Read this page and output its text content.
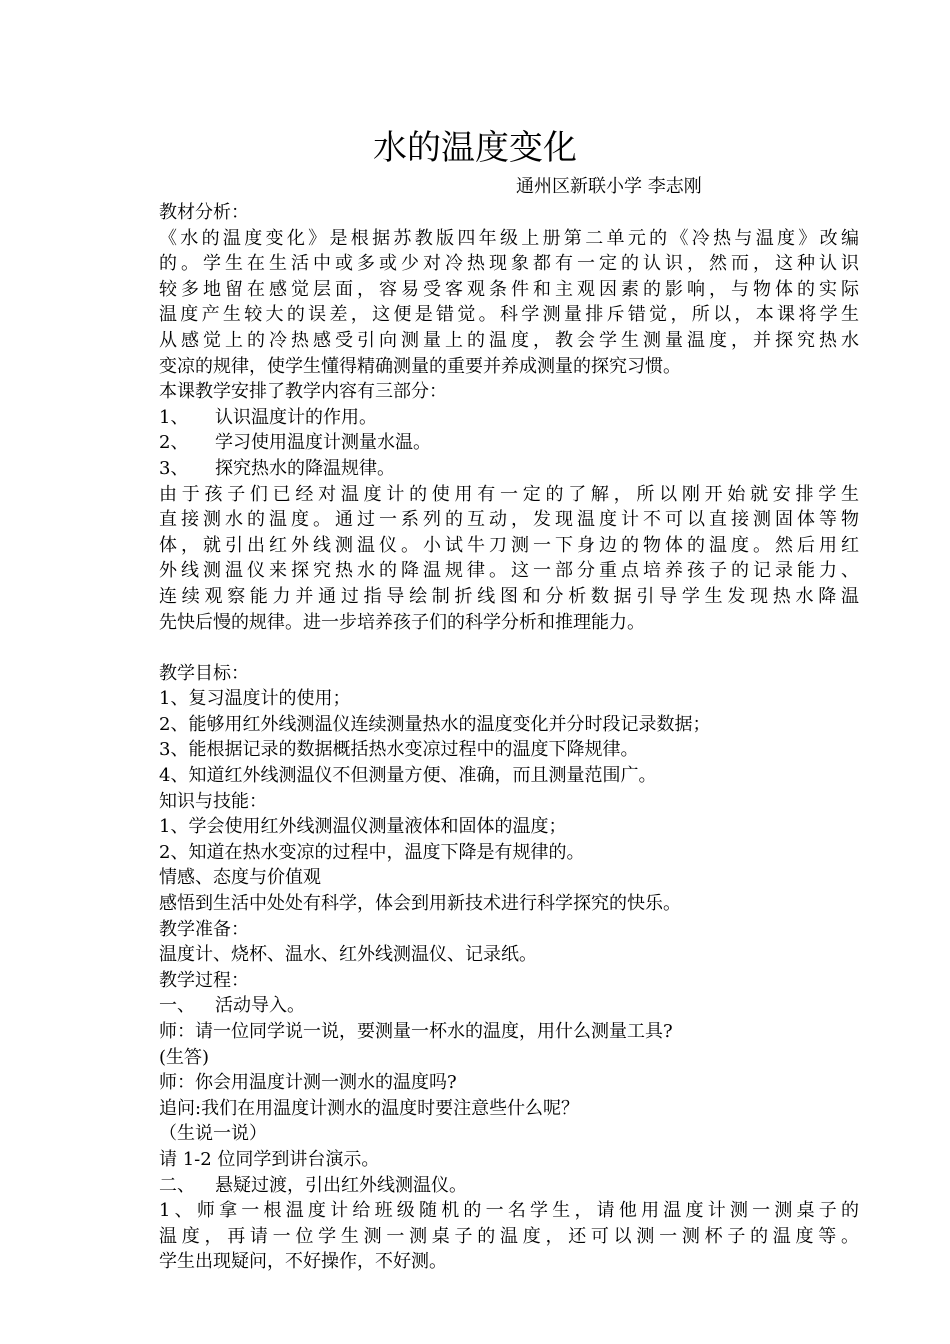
水的温度变化
通州区新联小学 李志刚
教材分析：
《水的温度变化》是根据苏教版四年级上册第二单元的《冷热与温度》改编
的。学生在生活中或多或少对冷热现象都有一定的认识，然而，这种认识
较多地留在感觉层面，容易受客观条件和主观因素的影响，与物体的实际
温度产生较大的误差，这便是错觉。科学测量排斥错觉，所以，本课将学生
从感觉上的冷热感受引向测量上的温度，教会学生测量温度，并探究热水
变凉的规律，使学生懂得精确测量的重要并养成测量的探究习惯。
本课教学安排了教学内容有三部分：
1、 认识温度计的作用。
2、 学习使用温度计测量水温。
3、 探究热水的降温规律。
由于孩子们已经对温度计的使用有一定的了解，所以刚开始就安排学生
直接测水的温度。通过一系列的互动，发现温度计不可以直接测固体等物
体，就引出红外线测温仪。小试牛刀测一下身边的物体的温度。然后用红
外线测温仪来探究热水的降温规律。这一部分重点培养孩子的记录能力、
连续观察能力并通过指导绘制折线图和分析数据引导学生发现热水降温
先快后慢的规律。进一步培养孩子们的科学分析和推理能力。
教学目标：
1、复习温度计的使用；
2、能够用红外线测温仪连续测量热水的温度变化并分时段记录数据；
3、能根据记录的数据概括热水变凉过程中的温度下降规律。
4、知道红外线测温仪不但测量方便、准确，而且测量范围广。
知识与技能：
1、学会使用红外线测温仪测量液体和固体的温度；
2、知道在热水变凉的过程中，温度下降是有规律的。
情感、态度与价值观
感悟到生活中处处有科学，体会到用新技术进行科学探究的快乐。
教学准备：
温度计、烧杯、温水、红外线测温仪、记录纸。
教学过程：
一、 活动导入。
师：请一位同学说一说，要测量一杯水的温度，用什么测量工具?
(生答)
师：你会用温度计测一测水的温度吗?
追问:我们在用温度计测水的温度时要注意些什么呢？
（生说一说）
请 1-2 位同学到讲台演示。
二、 悬疑过渡，引出红外线测温仪。
1、师拿一根温度计给班级随机的一名学生，请他用温度计测一测桌子的
温度，再请一位学生测一测桌子的温度，还可以测一测杯子的温度等。
学生出现疑问，不好操作，不好测。
